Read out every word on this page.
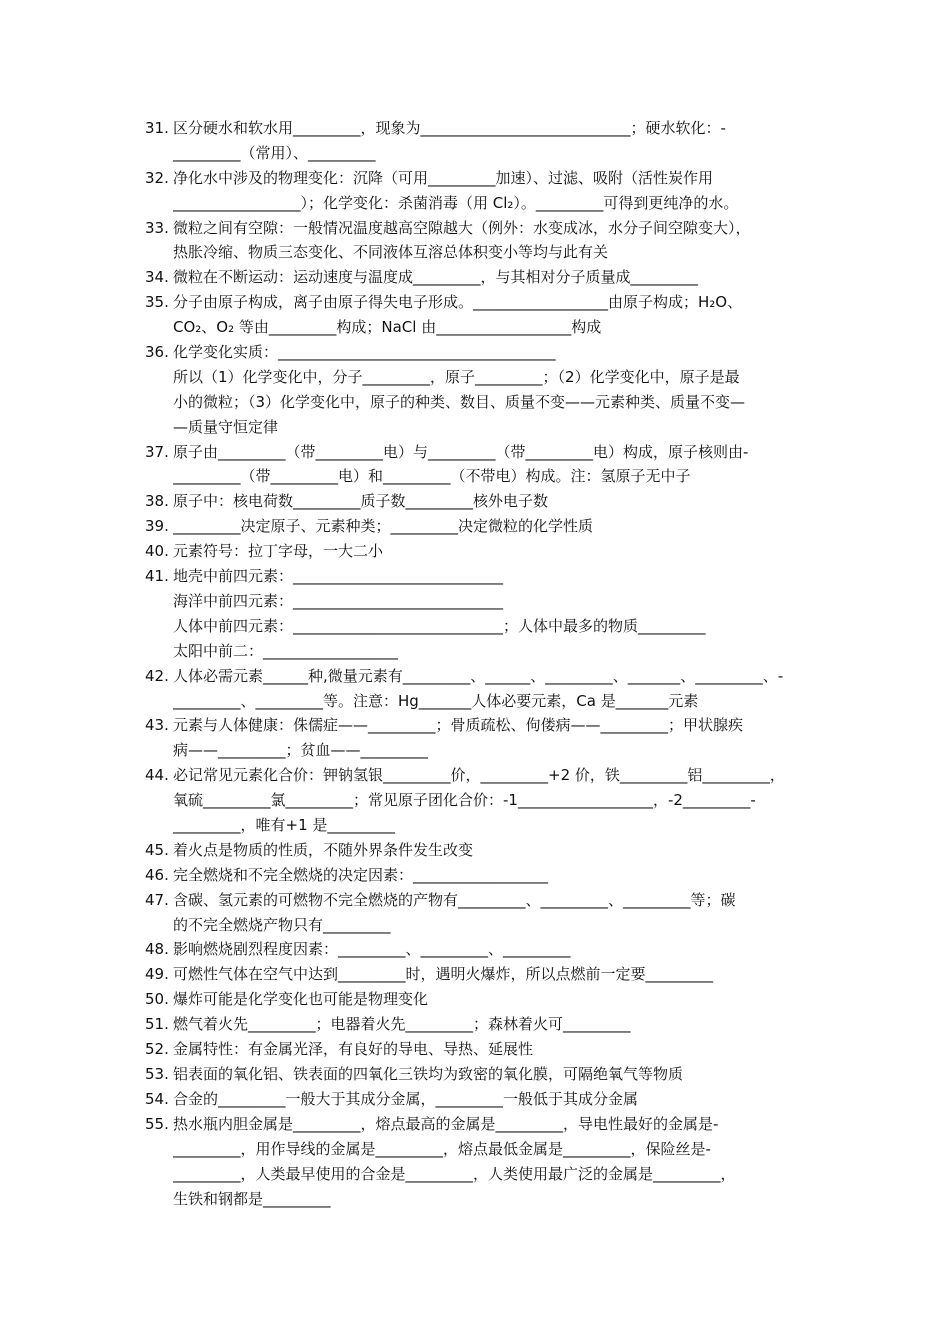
31. 区分硬水和软水用_________，现象为____________________________；硬水软化：-
_________（常用）、_________
32. 净化水中涉及的物理变化：沉降（可用_________加速）、过滤、吸附（活性炭作用
_________________）；化学变化：杀菌消毒（用 Cl₂）。_________可得到更纯净的水。
33. 微粒之间有空隙：一般情况温度越高空隙越大（例外：水变成冰，水分子间空隙变大），
热胀冷缩、物质三态变化、不同液体互溶总体积变小等均与此有关
34. 微粒在不断运动：运动速度与温度成_________，与其相对分子质量成_________
35. 分子由原子构成，离子由原子得失电子形成。__________________由原子构成；H₂O、
CO₂、O₂ 等由_________构成；NaCl 由__________________构成
36. 化学变化实质：_____________________________________
所以（1）化学变化中，分子_________，原子_________；（2）化学变化中，原子是最
小的微粒；（3）化学变化中，原子的种类、数目、质量不变——元素种类、质量不变—
—质量守恒定律
37. 原子由_________（带_________电）与_________（带_________电）构成，原子核则由-
_________（带_________电）和_________（不带电）构成。注：氢原子无中子
38. 原子中：核电荷数_________质子数_________核外电子数
39. _________决定原子、元素种类；_________决定微粒的化学性质
40. 元素符号：拉丁字母，一大二小
41. 地壳中前四元素：____________________________
海洋中前四元素：____________________________
人体中前四元素：____________________________；人体中最多的物质_________
太阳中前二：__________________
42. 人体必需元素______种,微量元素有_________、______、_________、_______、_________、-
_________、_________等。注意：Hg_______人体必要元素，Ca 是_______元素
43. 元素与人体健康：侏儒症——_________；骨质疏松、佝偻病——_________；甲状腺疾
病——_________；贫血——_________
44. 必记常见元素化合价：钾钠氢银_________价，_________+2 价，铁_________铝_________，
氧硫_________氯_________；常见原子团化合价：-1__________________，-2_________-
_________，唯有+1 是_________
45. 着火点是物质的性质，不随外界条件发生改变
46. 完全燃烧和不完全燃烧的决定因素：__________________
47. 含碳、氢元素的可燃物不完全燃烧的产物有_________、_________、_________等；碳
的不完全燃烧产物只有_________
48. 影响燃烧剧烈程度因素：_________、_________、_________
49. 可燃性气体在空气中达到_________时，遇明火爆炸，所以点燃前一定要_________
50. 爆炸可能是化学变化也可能是物理变化
51. 燃气着火先_________；电器着火先_________；森林着火可_________
52. 金属特性：有金属光泽，有良好的导电、导热、延展性
53. 铝表面的氧化铝、铁表面的四氧化三铁均为致密的氧化膜，可隔绝氧气等物质
54. 合金的_________一般大于其成分金属，_________一般低于其成分金属
55. 热水瓶内胆金属是_________，熔点最高的金属是_________，导电性最好的金属是-
_________，用作导线的金属是_________，熔点最低金属是_________，保险丝是-
_________，人类最早使用的合金是_________，人类使用最广泛的金属是_________，
生铁和钢都是_________
